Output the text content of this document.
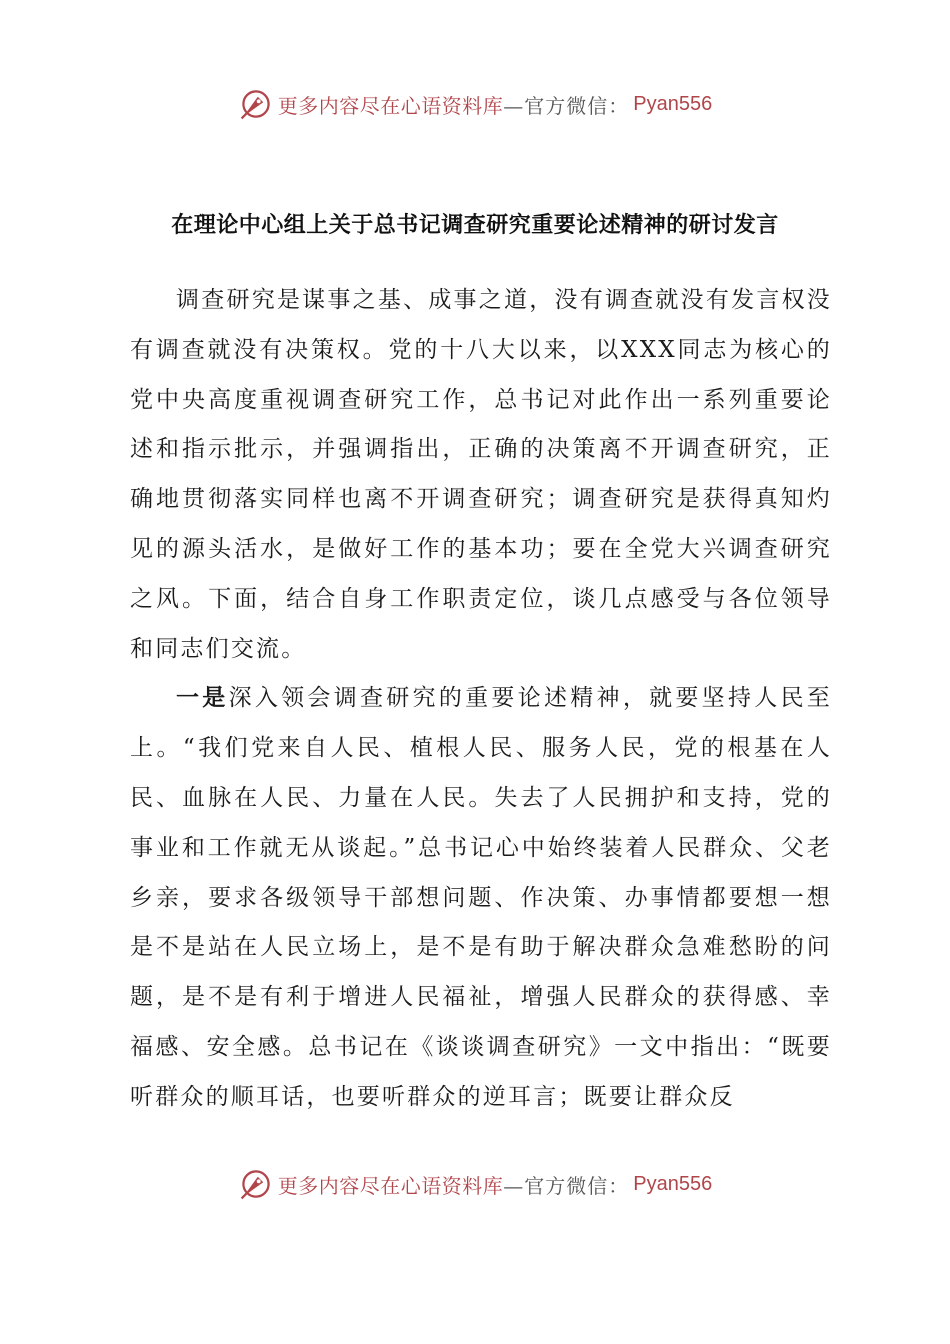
更多内容尽在心语资料库 —官方微信： Pyan556
在理论中心组上关于总书记调查研究重要论述精神的研讨发言

调查研究是谋事之基、成事之道，没有调查就没有发言权没有调查就没有决策权。党的十八大以来，以XXX同志为核心的党中央高度重视调查研究工作，总书记对此作出一系列重要论述和指示批示，并强调指出，正确的决策离不开调查研究，正确地贯彻落实同样也离不开调查研究；调查研究是获得真知灼见的源头活水，是做好工作的基本功；要在全党大兴调查研究之风。下面，结合自身工作职责定位，谈几点感受与各位领导和同志们交流。

一是深入领会调查研究的重要论述精神，就要坚持人民至上。“我们党来自人民、植根人民、服务人民，党的根基在人民、血脉在人民、力量在人民。失去了人民拥护和支持，党的事业和工作就无从谈起。”总书记心中始终装着人民群众、父老乡亲，要求各级领导干部想问题、作决策、办事情都要想一想是不是站在人民立场上，是不是有助于解决群众急难愁盼的问题，是不是有利于增进人民福祉，增强人民群众的获得感、幸福感、安全感。总书记在《谈谈调查研究》一文中指出：“既要听群众的顺耳话，也要听群众的逆耳言；既要让群众反

更多内容尽在心语资料库 —官方微信： Pyan556
